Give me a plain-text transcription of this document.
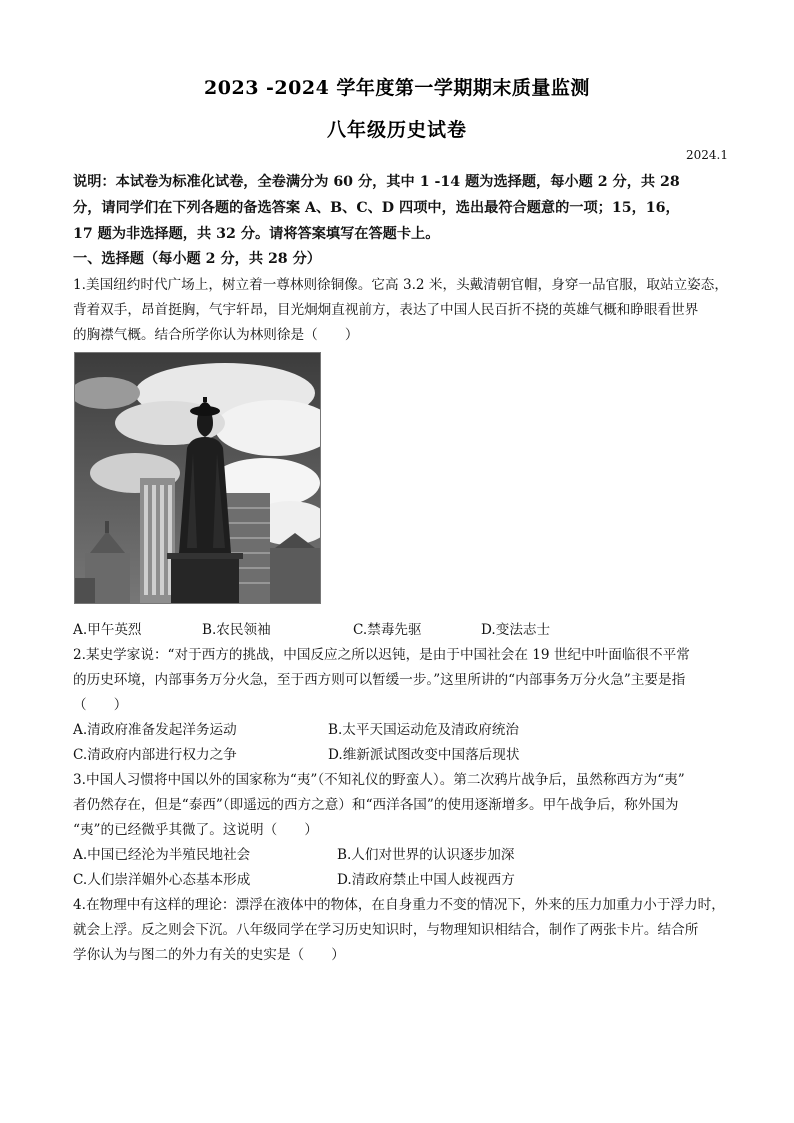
2023 -2024 学年度第一学期期末质量监测
八年级历史试卷
2024.1
说明：本试卷为标准化试卷，全卷满分为 60 分，其中 1 -14 题为选择题，每小题 2 分，共 28
分，请同学们在下列各题的备选答案 A、B、C、D 四项中，选出最符合题意的一项；15，16，
17 题为非选择题，共 32 分。请将答案填写在答题卡上。
一、选择题（每小题 2 分，共 28 分）
1.美国纽约时代广场上，树立着一尊林则徐铜像。它高 3.2 米，头戴清朝官帽，身穿一品官服，取站立姿态，
背着双手，昂首挺胸，气宇轩昂，目光炯炯直视前方，表达了中国人民百折不挠的英雄气概和睁眼看世界
的胸襟气概。结合所学你认为林则徐是（　　）
A.甲午英烈	B.农民领袖	C.禁毒先驱	D.变法志士
2.某史学家说：“对于西方的挑战，中国反应之所以迟钝，是由于中国社会在 19 世纪中叶面临很不平常
的历史环境，内部事务万分火急，至于西方则可以暂缓一步。”这里所讲的“内部事务万分火急”主要是指
（　　）
A.清政府准备发起洋务运动	B.太平天国运动危及清政府统治
C.清政府内部进行权力之争	D.维新派试图改变中国落后现状
3.中国人习惯将中国以外的国家称为“夷”（不知礼仪的野蛮人）。第二次鸦片战争后，虽然称西方为“夷”
者仍然存在，但是“泰西”（即遥远的西方之意）和“西洋各国”的使用逐渐增多。甲午战争后，称外国为
“夷”的已经微乎其微了。这说明（　　）
A.中国已经沦为半殖民地社会	B.人们对世界的认识逐步加深
C.人们崇洋媚外心态基本形成	D.清政府禁止中国人歧视西方
4.在物理中有这样的理论：漂浮在液体中的物体，在自身重力不变的情况下，外来的压力加重力小于浮力时，
就会上浮。反之则会下沉。八年级同学在学习历史知识时，与物理知识相结合，制作了两张卡片。结合所
学你认为与图二的外力有关的史实是（　　）
